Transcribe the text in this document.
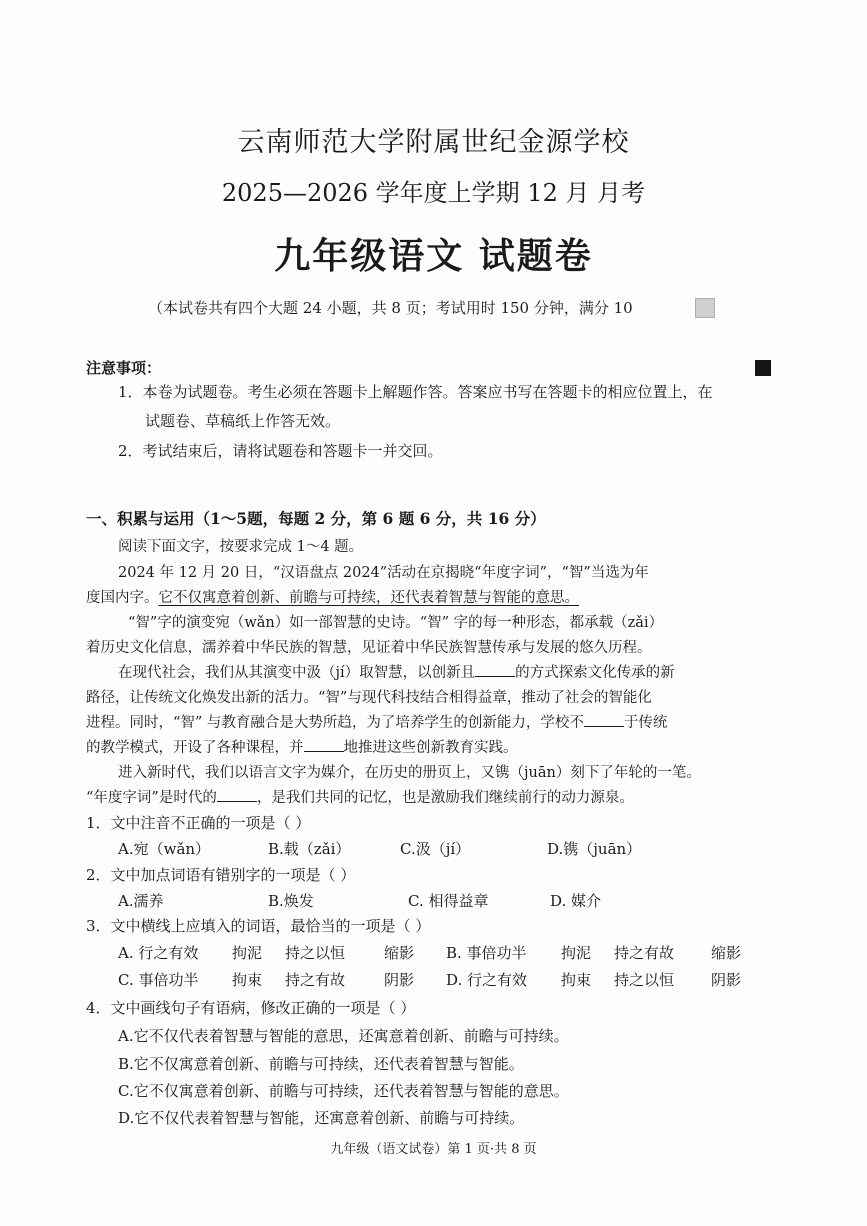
云南师范大学附属世纪金源学校
2025—2026 学年度上学期 12 月 月考
九年级语文 试题卷
（本试卷共有四个大题 24 小题，共 8 页；考试用时 150 分钟，满分 10
注意事项：
1．本卷为试题卷。考生必须在答题卡上解题作答。答案应书写在答题卡的相应位置上，在
试题卷、草稿纸上作答无效。
2．考试结束后，请将试题卷和答题卡一并交回。
一、积累与运用（1～5题，每题 2 分，第 6 题 6 分，共 16 分）
阅读下面文字，按要求完成 1～4 题。
2024 年 12 月 20 日，“汉语盘点 2024”活动在京揭晓“年度字词”，“智”当选为年
度国内字。它不仅寓意着创新、前瞻与可持续，还代表着智慧与智能的意思。
“智”字的演变宛（wǎn）如一部智慧的史诗。“智” 字的每一种形态，都承载（zǎi）
着历史文化信息，濡养着中华民族的智慧，见证着中华民族智慧传承与发展的悠久历程。
在现代社会，我们从其演变中汲（jí）取智慧，以创新且	的方式探索文化传承的新
路径，让传统文化焕发出新的活力。“智”与现代科技结合相得益章，推动了社会的智能化
进程。同时，“智” 与教育融合是大势所趋，为了培养学生的创新能力，学校不	于传统
的教学模式，开设了各种课程，并	地推进这些创新教育实践。
进入新时代，我们以语言文字为媒介，在历史的册页上，又镌（juān）刻下了年轮的一笔。
“年度字词”是时代的	，是我们共同的记忆，也是激励我们继续前行的动力源泉。
1．文中注音不正确的一项是（ ）
A.宛（wǎn）	B.载（zǎi）	C.汲（jí）	D.镌（juān）
2．文中加点词语有错别字的一项是（ ）
A.濡养	B.焕发	C. 相得益章	D. 媒介
3．文中横线上应填入的词语，最恰当的一项是（ ）
A. 行之有效 拘泥 持之以恒	缩影 B. 事倍功半 拘泥 持之有故 缩影
C. 事倍功半 拘束 持之有故	阴影 D. 行之有效 拘束 持之以恒 阴影
4．文中画线句子有语病，修改正确的一项是（ ）
A.它不仅代表着智慧与智能的意思，还寓意着创新、前瞻与可持续。
B.它不仅寓意着创新、前瞻与可持续，还代表着智慧与智能。
C.它不仅寓意着创新、前瞻与可持续，还代表着智慧与智能的意思。
D.它不仅代表着智慧与智能，还寓意着创新、前瞻与可持续。
九年级（语文试卷）第 1 页·共 8 页
